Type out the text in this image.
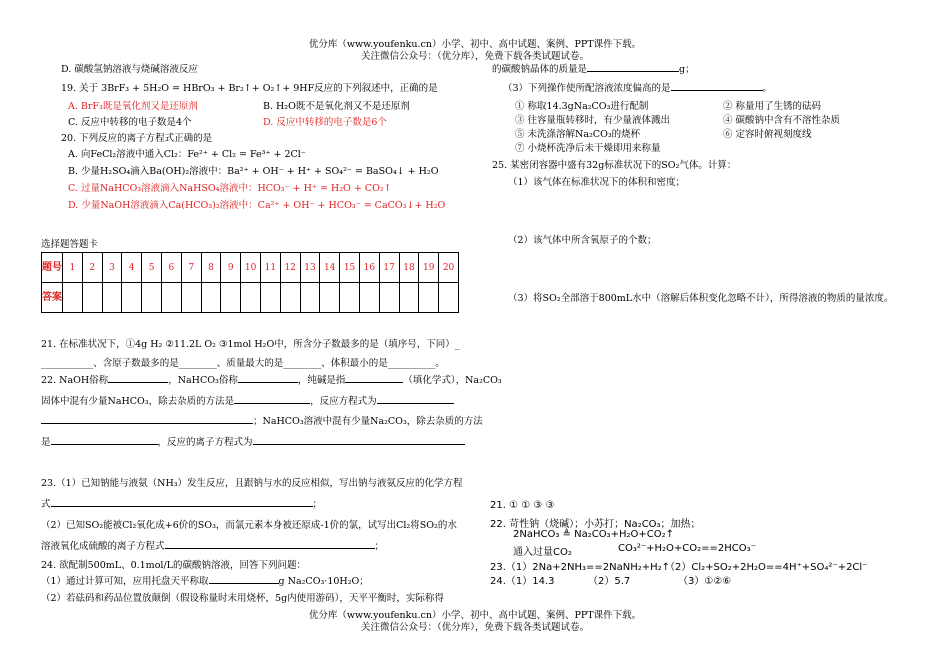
优分库（www.youfenku.cn）小学、初中、高中试题、案例、PPT课件下载。
关注微信公众号：（优分库），免费下载各类试题试卷。
D. 碳酸氢钠溶液与烧碱溶液反应
19. 关于 3BrF₃ + 5H₂O = HBrO₃ + Br₂↑+ O₂↑+ 9HF反应的下列叙述中，正确的是
A. BrF₃既是氧化剂又是还原剂	B. H₂O既不是氧化剂又不是还原剂
C. 反应中转移的电子数是4个	D. 反应中转移的电子数是6个
20. 下列反应的离子方程式正确的是
A. 向FeCl₂溶液中通入Cl₂：Fe²⁺ + Cl₂ = Fe³⁺ + 2Cl⁻
B. 少量H₂SO₄滴入Ba(OH)₂溶液中：Ba²⁺ + OH⁻ + H⁺ + SO₄²⁻ = BaSO₄↓ + H₂O
C. 过量NaHCO₃溶液滴入NaHSO₄溶液中：HCO₃⁻ + H⁺ = H₂O + CO₂↑
D. 少量NaOH溶液滴入Ca(HCO₃)₂溶液中：Ca²⁺ + OH⁻ + HCO₃⁻ = CaCO₃↓+ H₂O
选择题答题卡
题号	1	2	3	4	5	6	7	8	9	10	11	12	13	14	15	16	17	18	19	20
答案																				
21. 在标准状况下，①4g H₂ ②11.2L O₂ ③1mol H₂O中，所含分子数最多的是（填序号，下同）_
___________、含原子数最多的是________、质量最大的是________、体积最小的是__________。
22. NaOH俗称	，NaHCO₃俗称	，纯碱是指	（填化学式），Na₂CO₃
固体中混有少量NaHCO₃，除去杂质的方法是	，反应方程式为
；NaHCO₃溶液中混有少量Na₂CO₃，除去杂质的方法
是	，反应的离子方程式为
23.（1）已知钠能与液氨（NH₃）发生反应，且跟钠与水的反应相似，写出钠与液氨反应的化学方程
式	；
（2）已知SO₂能被Cl₂氧化成+6价的SO₃，而氯元素本身被还原成-1价的氯，试写出Cl₂将SO₂的水
溶液氧化成硫酸的离子方程式	；
24. 欲配制500mL、0.1mol/L的碳酸钠溶液，回答下列问题：
（1）通过计算可知，应用托盘天平称取	g Na₂CO₃·10H₂O；
（2）若砝码和药品位置放颠倒（假设称量时未用烧杯，5g内使用游码），天平平衡时，实际称得
的碳酸钠晶体的质量是	g；
（3）下列操作使所配溶液浓度偏高的是	。
① 称取14.3gNa₂CO₃进行配制	② 称量用了生锈的砝码
③ 往容量瓶转移时，有少量液体溅出	④ 碳酸钠中含有不溶性杂质
⑤ 未洗涤溶解Na₂CO₃的烧杯	⑥ 定容时俯视刻度线
⑦ 小烧杯洗净后未干燥即用来称量
25. 某密闭容器中盛有32g标准状况下的SO₂气体。计算：
（1）该气体在标准状况下的体积和密度；
（2）该气体中所含氧原子的个数；
（3）将SO₂全部溶于800mL水中（溶解后体积变化忽略不计），所得溶液的物质的量浓度。
21. ① ① ③ ③
22. 苛性钠（烧碱）；小苏打；Na₂CO₃；加热；
2NaHCO₃ ≜ Na₂CO₃+H₂O+CO₂↑
通入过量CO₂	CO₃²⁻+H₂O+CO₂==2HCO₃⁻
23.（1）2Na+2NH₃==2NaNH₂+H₂↑
（2）Cl₂+SO₂+2H₂O==4H⁺+SO₄²⁻+2Cl⁻
24.（1）14.3	（2）5.7	（3）①②⑥
优分库（www.youfenku.cn）小学、初中、高中试题、案例、PPT课件下载。
关注微信公众号：（优分库），免费下载各类试题试卷。
